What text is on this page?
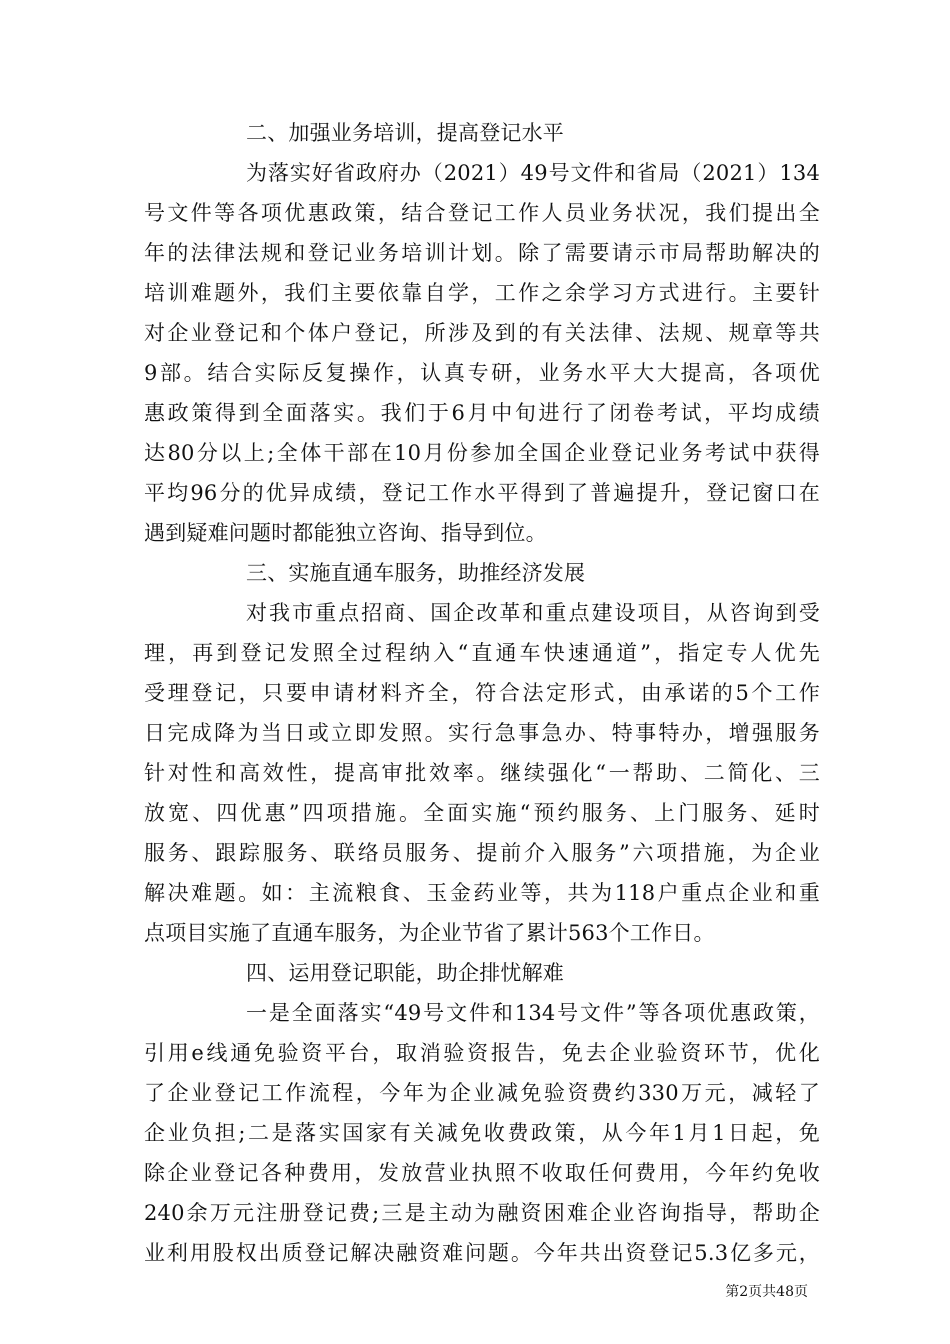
二、加强业务培训，提高登记水平
为落实好省政府办（2021）49号文件和省局（2021）134
号文件等各项优惠政策，结合登记工作人员业务状况，我们提出全
年的法律法规和登记业务培训计划。除了需要请示市局帮助解决的
培训难题外，我们主要依靠自学，工作之余学习方式进行。主要针
对企业登记和个体户登记，所涉及到的有关法律、法规、规章等共
9部。结合实际反复操作，认真专研，业务水平大大提高，各项优
惠政策得到全面落实。我们于6月中旬进行了闭卷考试，平均成绩
达80分以上;全体干部在10月份参加全国企业登记业务考试中获得
平均96分的优异成绩，登记工作水平得到了普遍提升，登记窗口在
遇到疑难问题时都能独立咨询、指导到位。
三、实施直通车服务，助推经济发展
对我市重点招商、国企改革和重点建设项目，从咨询到受
理，再到登记发照全过程纳入“直通车快速通道”，指定专人优先
受理登记，只要申请材料齐全，符合法定形式，由承诺的5个工作
日完成降为当日或立即发照。实行急事急办、特事特办，增强服务
针对性和高效性，提高审批效率。继续强化“一帮助、二简化、三
放宽、四优惠”四项措施。全面实施“预约服务、上门服务、延时
服务、跟踪服务、联络员服务、提前介入服务”六项措施，为企业
解决难题。如：主流粮食、玉金药业等，共为118户重点企业和重
点项目实施了直通车服务，为企业节省了累计563个工作日。
四、运用登记职能，助企排忧解难
一是全面落实“49号文件和134号文件”等各项优惠政策，
引用e线通免验资平台，取消验资报告，免去企业验资环节，优化
了企业登记工作流程，今年为企业减免验资费约330万元，减轻了
企业负担;二是落实国家有关减免收费政策，从今年1月1日起，免
除企业登记各种费用，发放营业执照不收取任何费用，今年约免收
240余万元注册登记费;三是主动为融资困难企业咨询指导，帮助企
业利用股权出质登记解决融资难问题。今年共出资登记5.3亿多元，
第2页共48页
